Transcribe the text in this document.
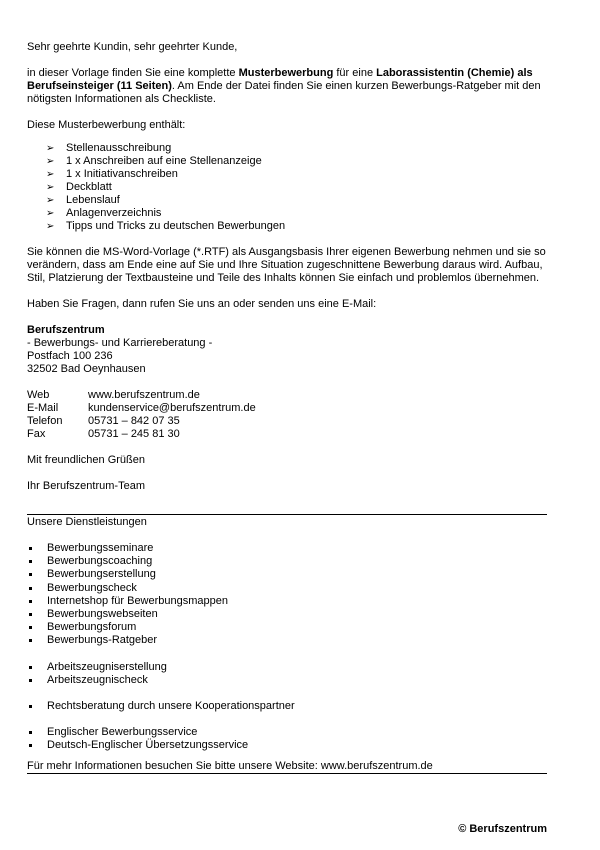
Sehr geehrte Kundin, sehr geehrter Kunde,

in dieser Vorlage finden Sie eine komplette Musterbewerbung für eine Laborassistentin (Chemie) als Berufseinsteiger (11 Seiten). Am Ende der Datei finden Sie einen kurzen Bewerbungs-Ratgeber mit den nötigsten Informationen als Checkliste.

Diese Musterbewerbung enthält:

➢ Stellenausschreibung
➢ 1 x Anschreiben auf eine Stellenanzeige
➢ 1 x Initiativanschreiben
➢ Deckblatt
➢ Lebenslauf
➢ Anlagenverzeichnis
➢ Tipps und Tricks zu deutschen Bewerbungen

Sie können die MS-Word-Vorlage (*.RTF) als Ausgangsbasis Ihrer eigenen Bewerbung nehmen und sie so verändern, dass am Ende eine auf Sie und Ihre Situation zugeschnittene Bewerbung daraus wird. Aufbau, Stil, Platzierung der Textbausteine und Teile des Inhalts können Sie einfach und problemlos übernehmen.

Haben Sie Fragen, dann rufen Sie uns an oder senden uns eine E-Mail:

Berufszentrum

- Bewerbungs- und Karriereberatung -

Postfach 100 236

32502 Bad Oeynhausen

Web	www.berufszentrum.de
E-Mail	kundenservice@berufszentrum.de
Telefon	05731 – 842 07 35
Fax	05731 – 245 81 30

Mit freundlichen Grüßen

Ihr Berufszentrum-Team

Unsere Dienstleistungen

Bewerbungsseminare
Bewerbungscoaching
Bewerbungserstellung
Bewerbungscheck
Internetshop für Bewerbungsmappen
Bewerbungswebseiten
Bewerbungsforum
Bewerbungs-Ratgeber
Arbeitszeugniserstellung
Arbeitszeugnischeck
Rechtsberatung durch unsere Kooperationspartner
Englischer Bewerbungsservice
Deutsch-Englischer Übersetzungsservice

Für mehr Informationen besuchen Sie bitte unsere Website: www.berufszentrum.de

© Berufszentrum
